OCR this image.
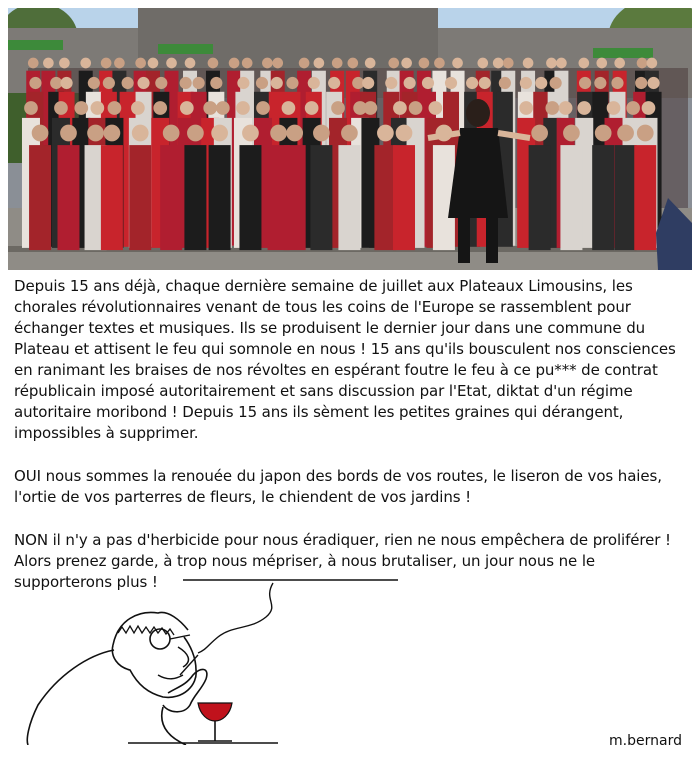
Depuis 15 ans déjà, chaque dernière semaine de juillet aux Plateaux Limousins, les chorales révolutionnaires venant de tous les coins de l'Europe se rassemblent pour échanger textes et musiques. Ils se produisent le dernier jour dans une commune du Plateau et attisent le feu qui somnole en nous ! 15 ans qu'ils bousculent nos consciences en ranimant les braises de nos révoltes en espérant foutre le feu à ce pu*** de contrat républicain imposé autoritairement et sans discussion par l'Etat, diktat d'un régime autoritaire moribond ! Depuis 15 ans ils sèment les petites graines qui dérangent, impossibles à supprimer.

OUI nous sommes la renouée du japon des bords de vos routes, le liseron de vos haies, l'ortie de vos parterres de fleurs, le chiendent de vos jardins !

NON il n'y a pas d'herbicide pour nous éradiquer, rien ne nous empêchera de proliférer ! Alors prenez garde, à trop nous mépriser, à nous brutaliser, un jour nous ne le supporterons plus !

m.bernard
